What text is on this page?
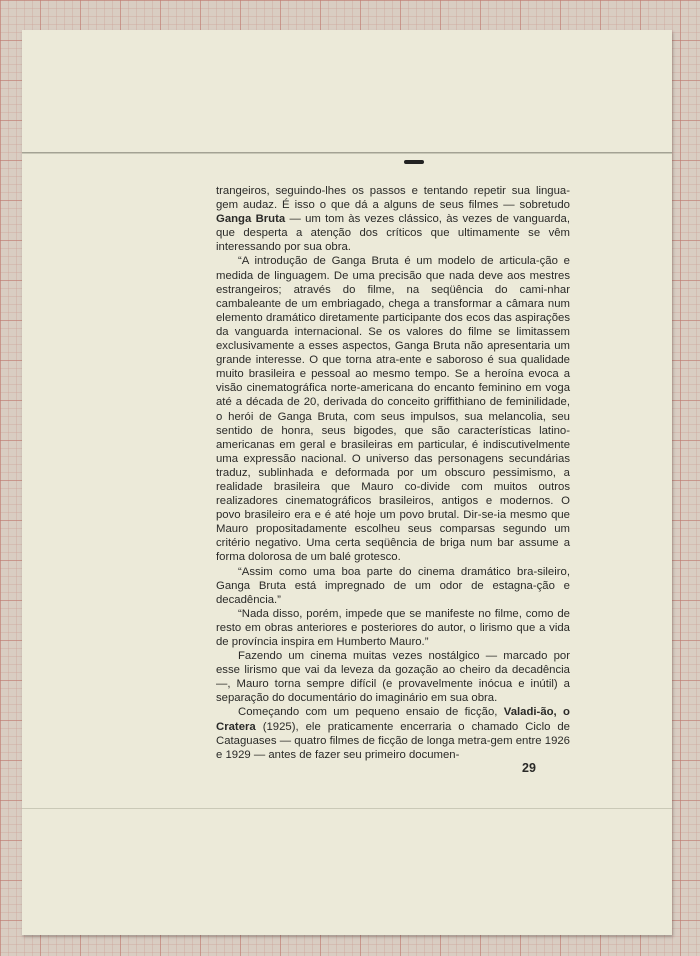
trangeiros, seguindo-lhes os passos e tentando repetir sua lingua-gem audaz. É isso o que dá a alguns de seus filmes — sobretudo Ganga Bruta — um tom às vezes clássico, às vezes de vanguarda, que desperta a atenção dos críticos que ultimamente se vêm interessando por sua obra.

“A introdução de Ganga Bruta é um modelo de articula-ção e medida de linguagem. De uma precisão que nada deve aos mestres estrangeiros; através do filme, na seqüência do cami-nhar cambaleante de um embriagado, chega a transformar a câmara num elemento dramático diretamente participante dos ecos das aspirações da vanguarda internacional. Se os valores do filme se limitassem exclusivamente a esses aspectos, Ganga Bruta não apresentaria um grande interesse. O que torna atra-ente e saboroso é sua qualidade muito brasileira e pessoal ao mesmo tempo. Se a heroína evoca a visão cinematográfica norte-americana do encanto feminino em voga até a década de 20, derivada do conceito griffithiano de feminilidade, o herói de Ganga Bruta, com seus impulsos, sua melancolia, seu sentido de honra, seus bigodes, que são características latino-americanas em geral e brasileiras em particular, é indiscutivelmente uma expressão nacional. O universo das personagens secundárias traduz, sublinhada e deformada por um obscuro pessimismo, a realidade brasileira que Mauro co-divide com muitos outros realizadores cinematográficos brasileiros, antigos e modernos. O povo brasileiro era e é até hoje um povo brutal. Dir-se-ia mesmo que Mauro propositadamente escolheu seus comparsas segundo um critério negativo. Uma certa seqüência de briga num bar assume a forma dolorosa de um balé grotesco.

“Assim como uma boa parte do cinema dramático bra-sileiro, Ganga Bruta está impregnado de um odor de estagna-ção e decadência.”

“Nada disso, porém, impede que se manifeste no filme, como de resto em obras anteriores e posteriores do autor, o lirismo que a vida de província inspira em Humberto Mauro.”

Fazendo um cinema muitas vezes nostálgico — marcado por esse lirismo que vai da leveza da gozação ao cheiro da decadência —, Mauro torna sempre difícil (e provavelmente inócua e inútil) a separação do documentário do imaginário em sua obra.

Começando com um pequeno ensaio de ficção, Valadi-ão, o Cratera (1925), ele praticamente encerraria o chamado Ciclo de Cataguases — quatro filmes de ficção de longa metra-gem entre 1926 e 1929 — antes de fazer seu primeiro documen-

29
